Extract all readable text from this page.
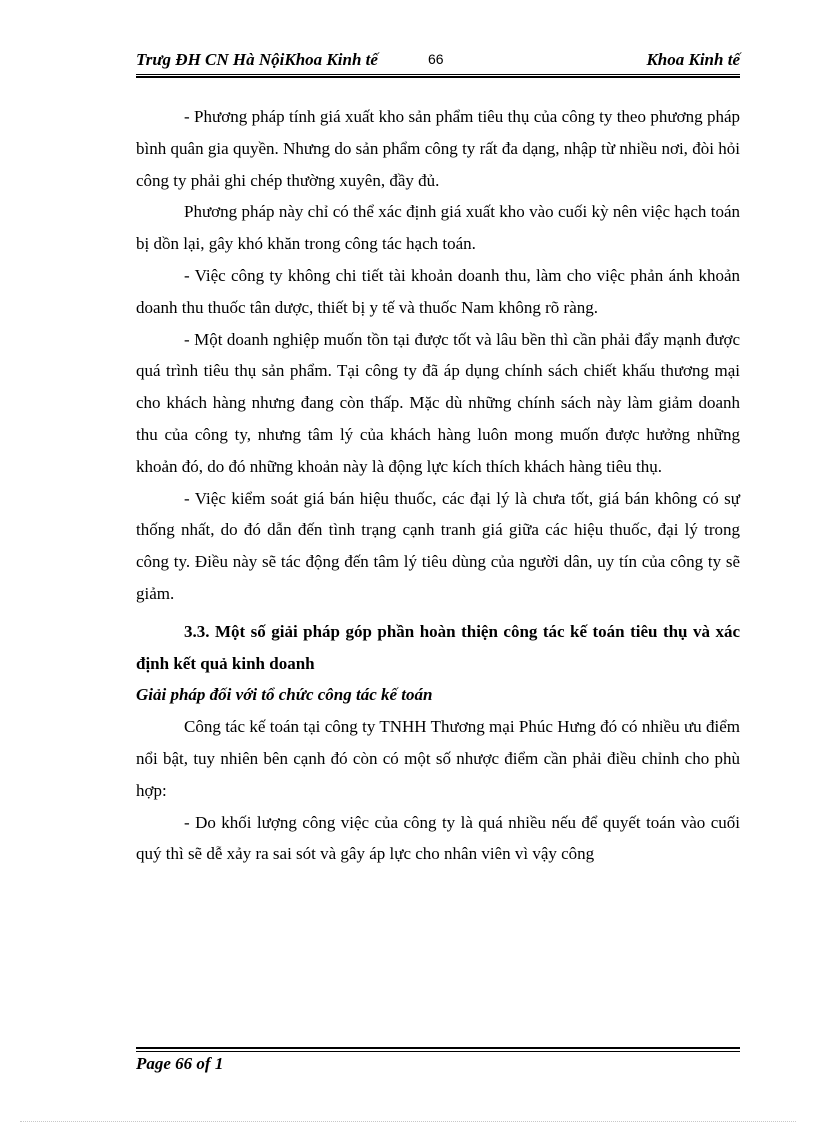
Trưg ĐH CN Hà NộiKhoa Kinh tế	66	Khoa Kinh tế

- Phương pháp tính giá xuất kho sản phẩm tiêu thụ của công ty theo phương pháp bình quân gia quyền. Nhưng do sản phẩm công ty rất đa dạng, nhập từ nhiều nơi, đòi hỏi công ty phải ghi chép thường xuyên, đầy đủ.

Phương pháp này chỉ có thể xác định giá xuất kho vào cuối kỳ nên việc hạch toán bị dồn lại, gây khó khăn trong công tác hạch toán.

- Việc công ty không chi tiết tài khoản doanh thu, làm cho việc phản ánh khoản doanh thu thuốc tân dược, thiết bị y tế và thuốc Nam không rõ ràng.

- Một doanh nghiệp muốn tồn tại được tốt và lâu bền thì cần phải đẩy mạnh được quá trình tiêu thụ sản phẩm. Tại công ty đã áp dụng chính sách chiết khấu thương mại cho khách hàng nhưng đang còn thấp. Mặc dù những chính sách này làm giảm doanh thu của công ty, nhưng tâm lý của khách hàng luôn mong muốn được hưởng những khoản đó, do đó những khoản này là động lực kích thích khách hàng tiêu thụ.

- Việc kiểm soát giá bán hiệu thuốc, các đại lý là chưa tốt, giá bán không có sự thống nhất, do đó dẫn đến tình trạng cạnh tranh giá giữa các hiệu thuốc, đại lý trong công ty. Điều này sẽ tác động đến tâm lý tiêu dùng của người dân, uy tín của công ty sẽ giảm.

3.3. Một số giải pháp góp phần hoàn thiện công tác kế toán tiêu thụ và xác định kết quả kinh doanh

Giải pháp đối với tổ chức công tác kế toán

Công tác kế toán tại công ty TNHH Thương mại Phúc Hưng đó có nhiều ưu điểm nổi bật, tuy nhiên bên cạnh đó còn có một số nhược điểm cần phải điều chỉnh cho phù hợp:

- Do khối lượng công việc của công ty là quá nhiều nếu để quyết toán vào cuối quý thì sẽ dễ xảy ra sai sót và gây áp lực cho nhân viên vì vậy công

Page 66 of 1
